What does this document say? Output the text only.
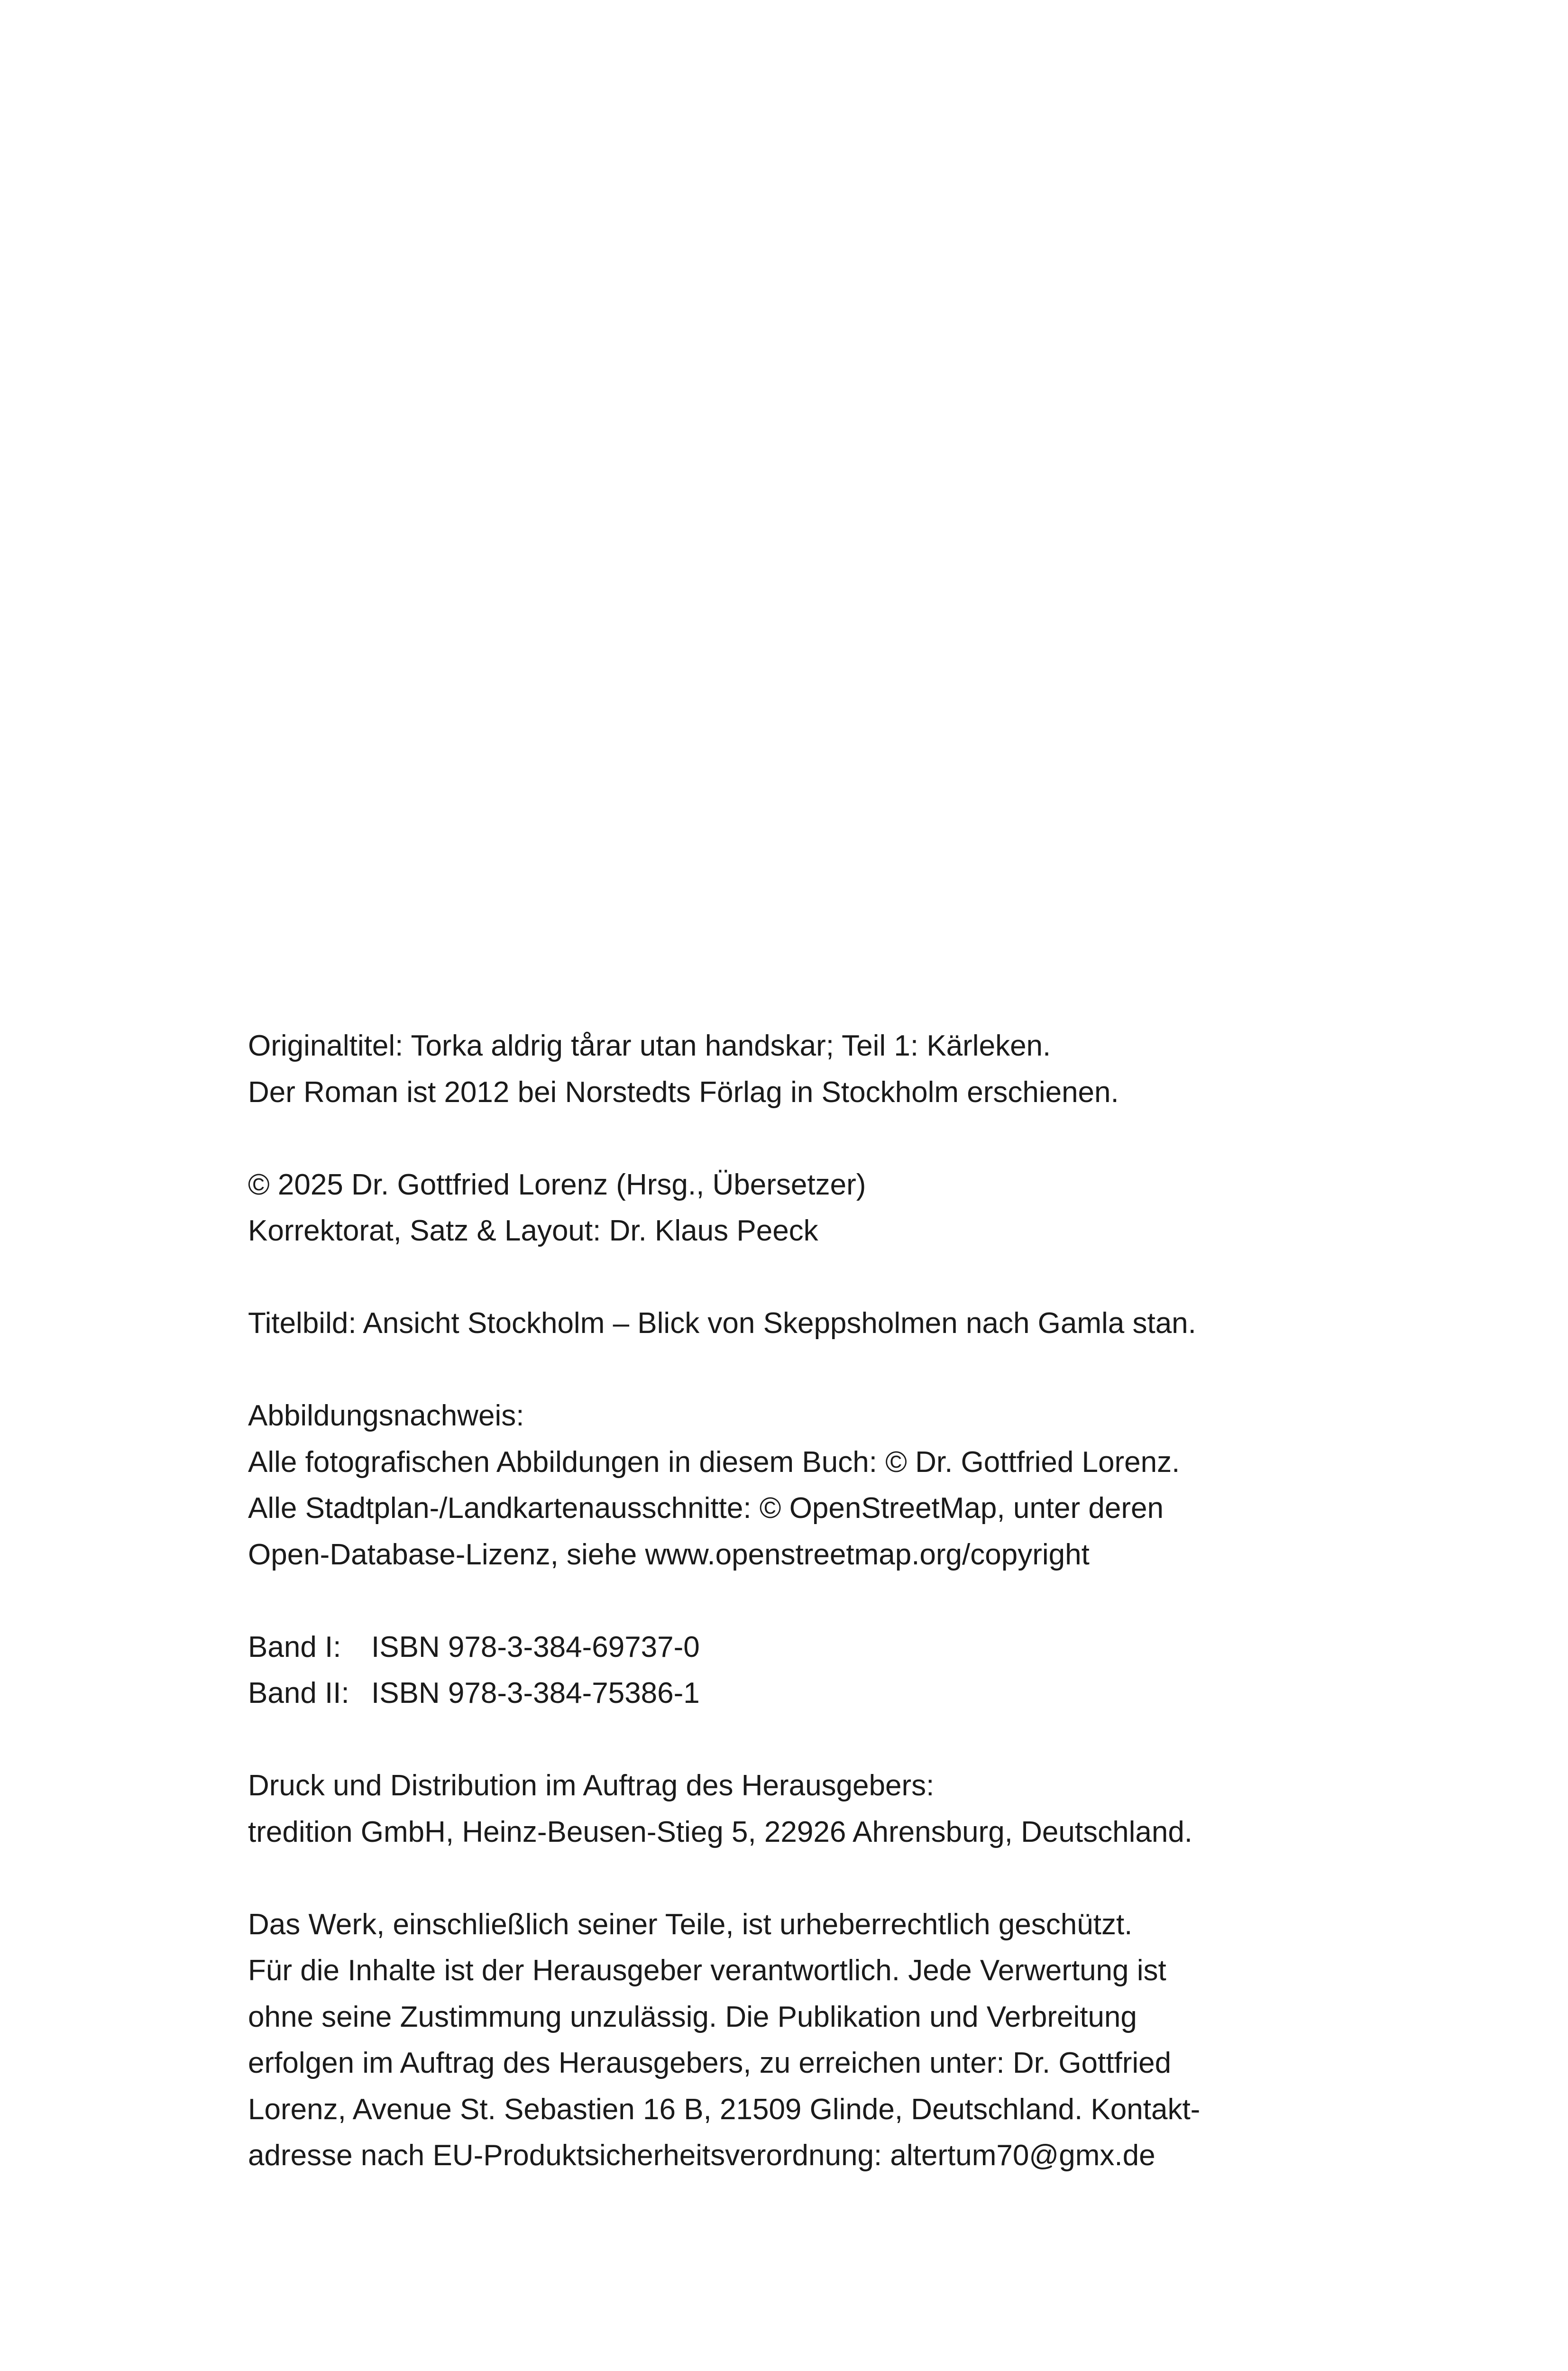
Originaltitel: Torka aldrig tårar utan handskar; Teil 1: Kärleken.
Der Roman ist 2012 bei Norstedts Förlag in Stockholm erschienen.
© 2025 Dr. Gottfried Lorenz (Hrsg., Übersetzer)
Korrektorat, Satz & Layout: Dr. Klaus Peeck
Titelbild: Ansicht Stockholm – Blick von Skeppsholmen nach Gamla stan.
Abbildungsnachweis:
Alle fotografischen Abbildungen in diesem Buch: © Dr. Gottfried Lorenz.
Alle Stadtplan-/Landkartenausschnitte: © OpenStreetMap, unter deren
Open-Database-Lizenz, siehe www.openstreetmap.org/copyright
Band I: ISBN 978-3-384-69737-0
Band II: ISBN 978-3-384-75386-1
Druck und Distribution im Auftrag des Herausgebers:
tredition GmbH, Heinz-Beusen-Stieg 5, 22926 Ahrensburg, Deutschland.
Das Werk, einschließlich seiner Teile, ist urheberrechtlich geschützt.
Für die Inhalte ist der Herausgeber verantwortlich. Jede Verwertung ist
ohne seine Zustimmung unzulässig. Die Publikation und Verbreitung
erfolgen im Auftrag des Herausgebers, zu erreichen unter: Dr. Gottfried
Lorenz, Avenue St. Sebastien 16 B, 21509 Glinde, Deutschland. Kontakt-
adresse nach EU-Produktsicherheitsverordnung: altertum70@gmx.de
